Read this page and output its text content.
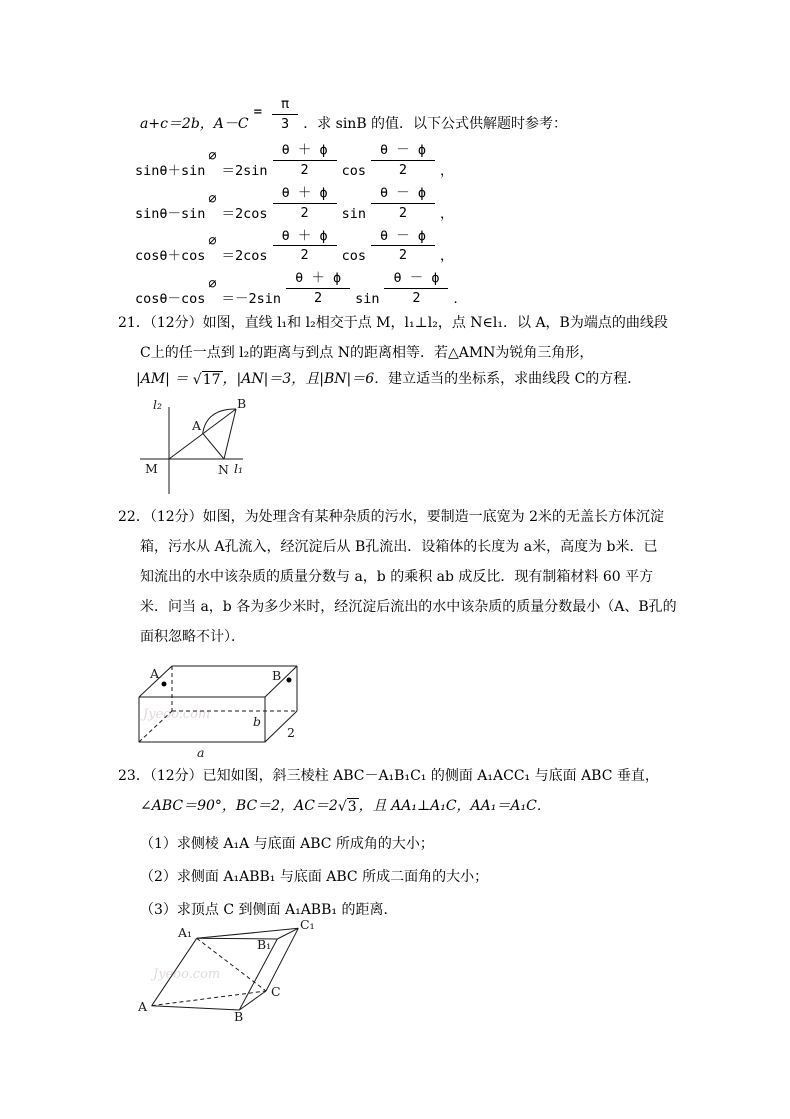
a+c＝2b，A－C
= $\frac{\pi}{3}$ ．求 sinB 的值．以下公式供解题时参考：
sinθ＋sin
∅
$=2\sin \frac{\theta + \phi}{2}$ $\cos \frac{\theta - \phi}{2}$ ，
sinθ－sin
∅
$=2\cos \frac{\theta + \phi}{2}$ $\sin \frac{\theta - \phi}{2}$ ，
cosθ＋cos
∅
$=2\cos \frac{\theta + \phi}{2}$ $\cos \frac{\theta - \phi}{2}$ ，
cosθ－cos
∅
$=-2\sin \frac{\theta + \phi}{2}$ $\sin \frac{\theta - \phi}{2}$ ．
21．（12分）如图，直线 l₁和 l₂相交于点 M，l₁⊥l₂，点 N∈l₁．以 A，B为端点的曲线段
C上的任一点到 l₂的距离与到点 N的距离相等．若△AMN为锐角三角形，
|AM| ＝ √ 17 ，|AN|＝3，且|BN|＝6． 建立适当的坐标系，求曲线段 C的方程．
l₂
l₁
M	N
A
B
22．（12分）如图，为处理含有某种杂质的污水，要制造一底宽为 2米的无盖长方体沉淀
箱，污水从 A孔流入，经沉淀后从 B孔流出．设箱体的长度为 a米，高度为 b米．已
知流出的水中该杂质的质量分数与 a，b 的乘积 ab 成反比．现有制箱材料 60 平方
米．问当 a，b 各为多少米时，经沉淀后流出的水中该杂质的质量分数最小（A、B孔的
面积忽略不计）．
Jyeoo.com
A	B
b
2
a
23．（12分）已知如图，斜三棱柱 ABC－A₁B₁C₁ 的侧面 A₁ACC₁ 与底面 ABC 垂直，
∠ABC＝90°，BC＝2，AC＝2 √ 3 ，且 AA₁⊥A₁C，AA₁＝A₁C．
（1）求侧棱 A₁A 与底面 ABC 所成角的大小；
（2）求侧面 A₁ABB₁ 与底面 ABC 所成二面角的大小；
（3）求顶点 C 到侧面 A₁ABB₁ 的距离．
Jyeoo.com
A₁
B₁
C₁
A
B
C
